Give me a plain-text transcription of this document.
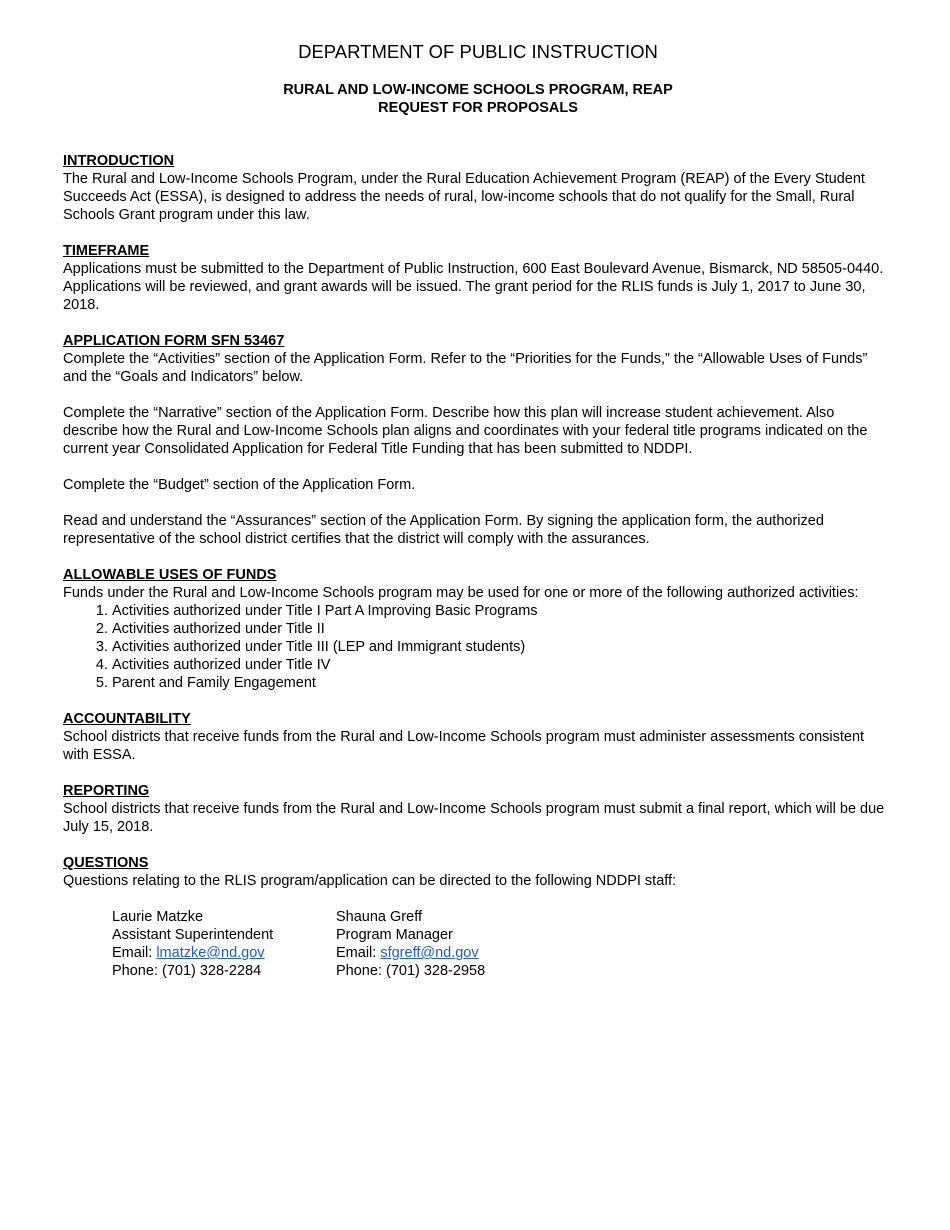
DEPARTMENT OF PUBLIC INSTRUCTION
RURAL AND LOW-INCOME SCHOOLS PROGRAM, REAP
REQUEST FOR PROPOSALS
INTRODUCTION

The Rural and Low-Income Schools Program, under the Rural Education Achievement Program (REAP) of the Every Student Succeeds Act (ESSA), is designed to address the needs of rural, low-income schools that do not qualify for the Small, Rural Schools Grant program under this law.

TIMEFRAME

Applications must be submitted to the Department of Public Instruction, 600 East Boulevard Avenue, Bismarck, ND 58505-0440. Applications will be reviewed, and grant awards will be issued. The grant period for the RLIS funds is July 1, 2017 to June 30, 2018.

APPLICATION FORM SFN 53467

Complete the “Activities” section of the Application Form. Refer to the “Priorities for the Funds,” the “Allowable Uses of Funds” and the “Goals and Indicators” below.

Complete the “Narrative” section of the Application Form. Describe how this plan will increase student achievement. Also describe how the Rural and Low-Income Schools plan aligns and coordinates with your federal title programs indicated on the current year Consolidated Application for Federal Title Funding that has been submitted to NDDPI.

Complete the “Budget” section of the Application Form.

Read and understand the “Assurances” section of the Application Form. By signing the application form, the authorized representative of the school district certifies that the district will comply with the assurances.

ALLOWABLE USES OF FUNDS

Funds under the Rural and Low-Income Schools program may be used for one or more of the following authorized activities:

1. Activities authorized under Title I Part A Improving Basic Programs
2. Activities authorized under Title II
3. Activities authorized under Title III (LEP and Immigrant students)
4. Activities authorized under Title IV
5. Parent and Family Engagement
ACCOUNTABILITY

School districts that receive funds from the Rural and Low-Income Schools program must administer assessments consistent with ESSA.

REPORTING

School districts that receive funds from the Rural and Low-Income Schools program must submit a final report, which will be due July 15, 2018.

QUESTIONS

Questions relating to the RLIS program/application can be directed to the following NDDPI staff:

Laurie Matzke
Assistant Superintendent
Email: lmatzke@nd.gov
Phone: (701) 328-2284
Shauna Greff
Program Manager
Email: sfgreff@nd.gov
Phone: (701) 328-2958
